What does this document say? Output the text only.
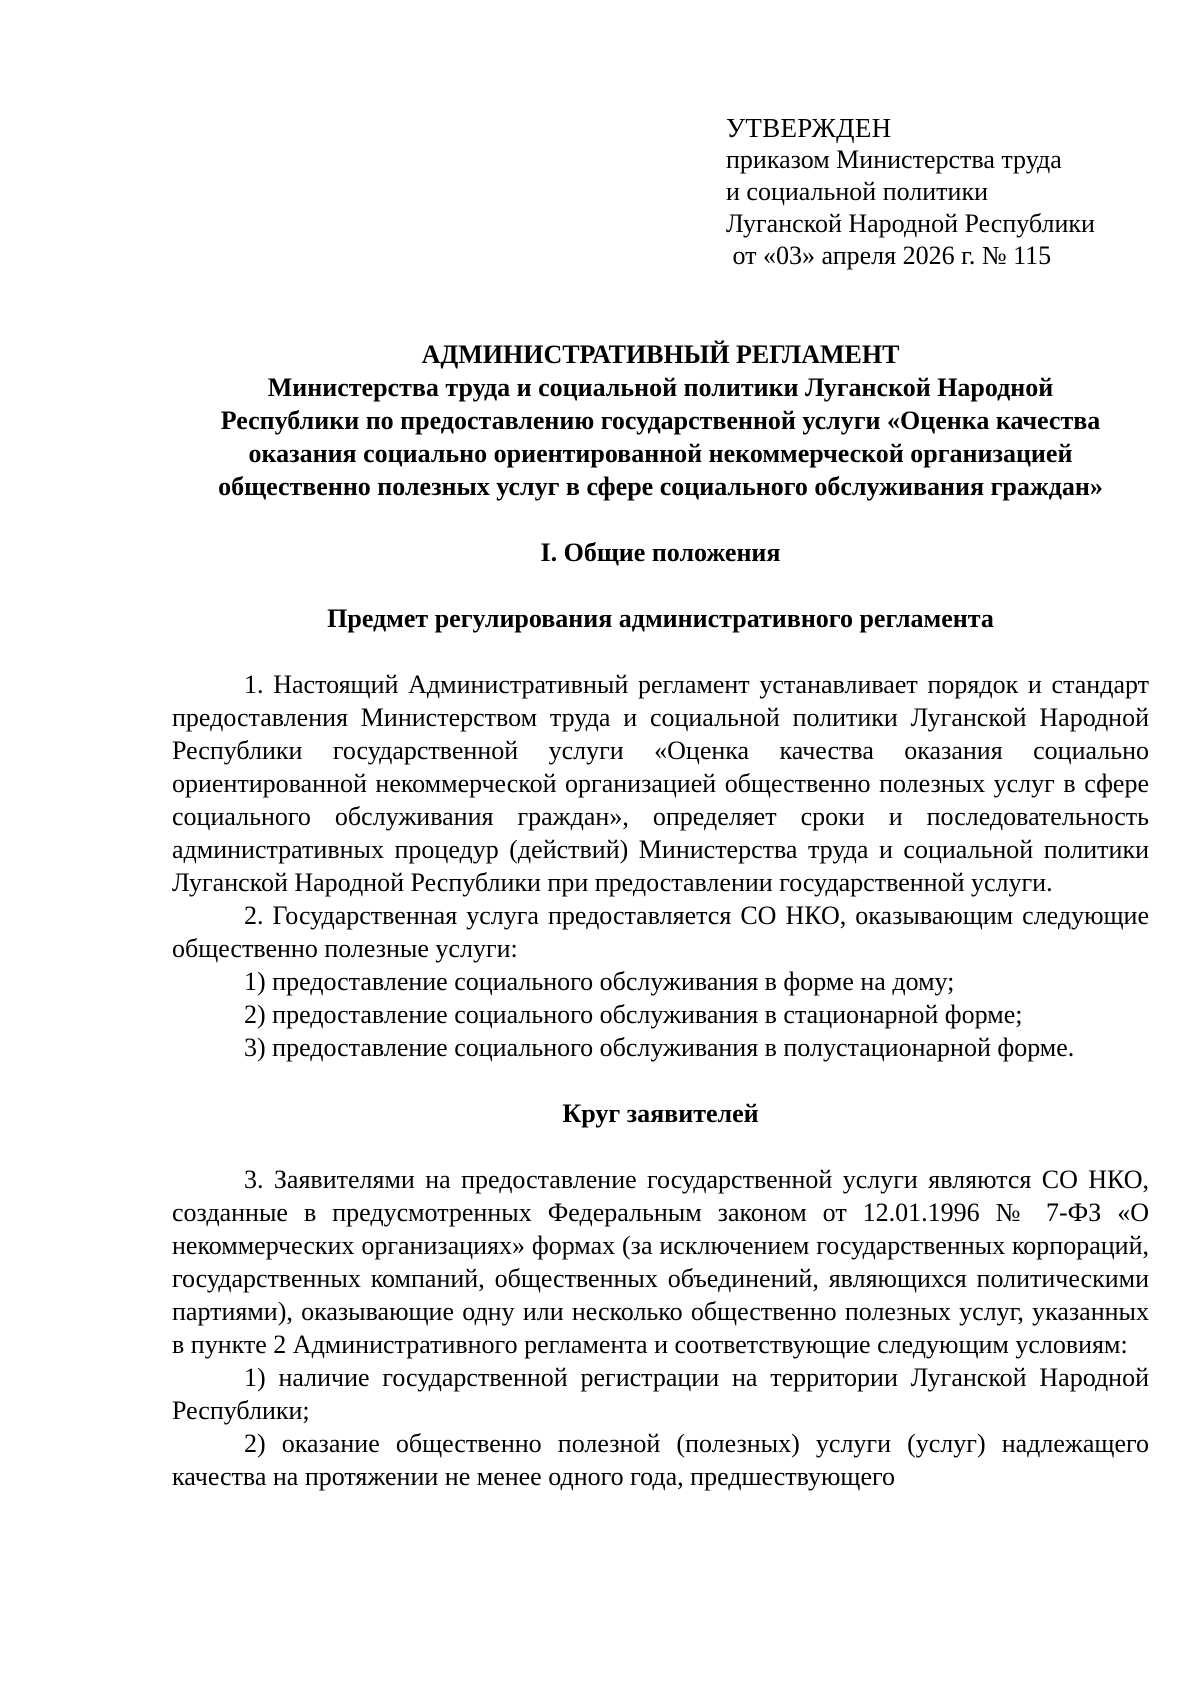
УТВЕРЖДЕН
приказом Министерства труда
и социальной политики
Луганской Народной Республики
от «03» апреля 2026 г. № 115
АДМИНИСТРАТИВНЫЙ РЕГЛАМЕНТ
Министерства труда и социальной политики Луганской Народной
Республики по предоставлению государственной услуги «Оценка качества
оказания социально ориентированной некоммерческой организацией
общественно полезных услуг в сфере социального обслуживания граждан»
I. Общие положения
Предмет регулирования административного регламента

1. Настоящий Административный регламент устанавливает порядок и стандарт предоставления Министерством труда и социальной политики Луганской Народной Республики государственной услуги «Оценка качества оказания социально ориентированной некоммерческой организацией общественно полезных услуг в сфере социального обслуживания граждан», определяет сроки и последовательность административных процедур (действий) Министерства труда и социальной политики Луганской Народной Республики при предоставлении государственной услуги.

2. Государственная услуга предоставляется СО НКО, оказывающим следующие общественно полезные услуги:

1) предоставление социального обслуживания в форме на дому;

2) предоставление социального обслуживания в стационарной форме;

3) предоставление социального обслуживания в полустационарной форме.

Круг заявителей

3. Заявителями на предоставление государственной услуги являются СО НКО, созданные в предусмотренных Федеральным законом от 12.01.1996 № 7-ФЗ «О некоммерческих организациях» формах (за исключением государственных корпораций, государственных компаний, общественных объединений, являющихся политическими партиями), оказывающие одну или несколько общественно полезных услуг, указанных в пункте 2 Административного регламента и соответствующие следующим условиям:

1) наличие государственной регистрации на территории Луганской Народной Республики;

2) оказание общественно полезной (полезных) услуги (услуг) надлежащего качества на протяжении не менее одного года, предшествующего
